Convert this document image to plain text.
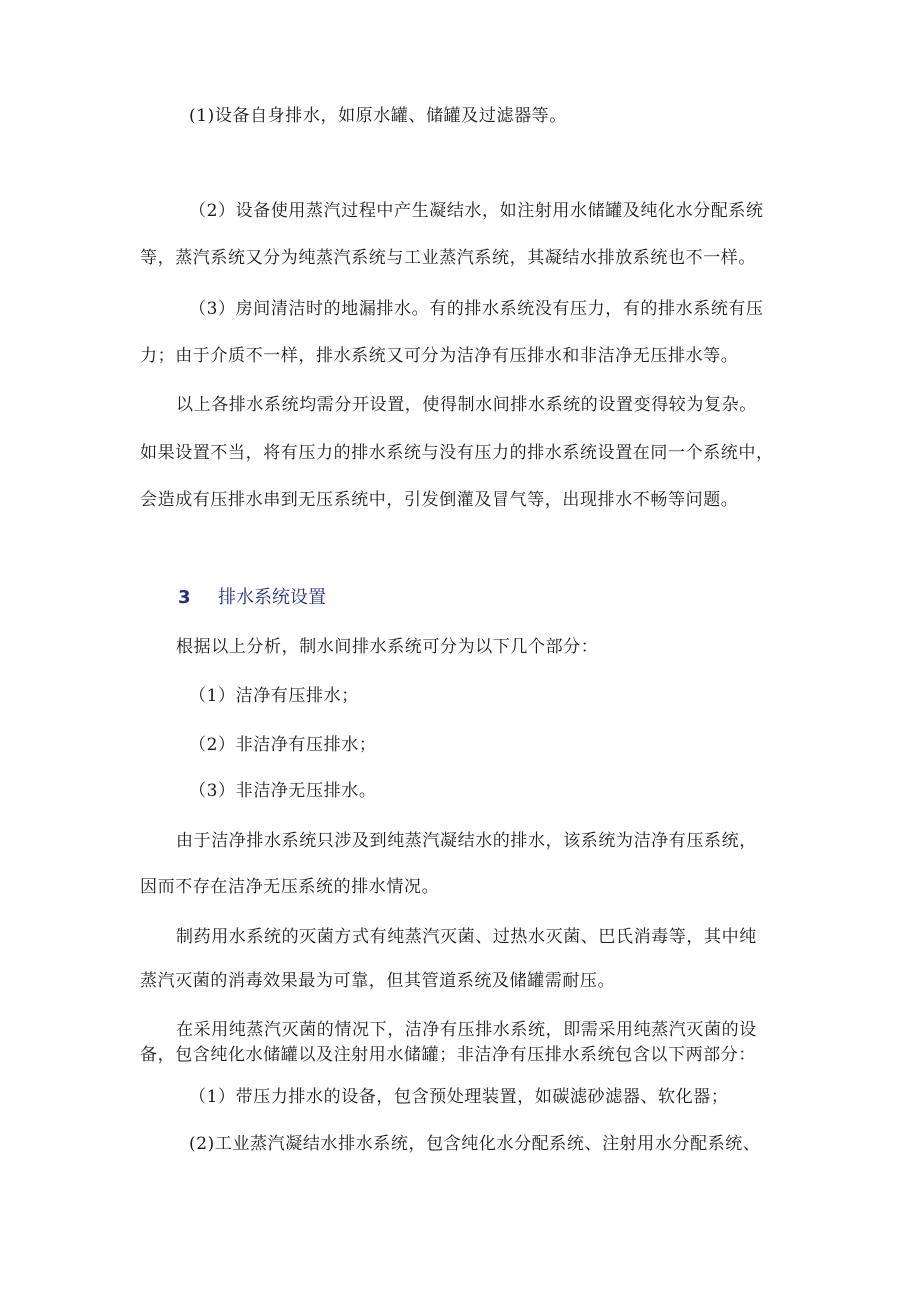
(1)设备自身排水，如原水罐、储罐及过滤器等。
（2）设备使用蒸汽过程中产生凝结水，如注射用水储罐及纯化水分配系统
等，蒸汽系统又分为纯蒸汽系统与工业蒸汽系统，其凝结水排放系统也不一样。
（3）房间清洁时的地漏排水。有的排水系统没有压力，有的排水系统有压
力；由于介质不一样，排水系统又可分为洁净有压排水和非洁净无压排水等。
以上各排水系统均需分开设置，使得制水间排水系统的设置变得较为复杂。
如果设置不当，将有压力的排水系统与没有压力的排水系统设置在同一个系统中，
会造成有压排水串到无压系统中，引发倒灌及冒气等，出现排水不畅等问题。
3 排水系统设置
根据以上分析，制水间排水系统可分为以下几个部分：
（1）洁净有压排水；
（2）非洁净有压排水；
（3）非洁净无压排水。
由于洁净排水系统只涉及到纯蒸汽凝结水的排水，该系统为洁净有压系统，
因而不存在洁净无压系统的排水情况。
制药用水系统的灭菌方式有纯蒸汽灭菌、过热水灭菌、巴氏消毒等，其中纯
蒸汽灭菌的消毒效果最为可靠，但其管道系统及储罐需耐压。
在采用纯蒸汽灭菌的情况下，洁净有压排水系统，即需采用纯蒸汽灭菌的设
备，包含纯化水储罐以及注射用水储罐；非洁净有压排水系统包含以下两部分：
（1）带压力排水的设备，包含预处理装置，如碳滤砂滤器、软化器；
(2)工业蒸汽凝结水排水系统，包含纯化水分配系统、注射用水分配系统、
